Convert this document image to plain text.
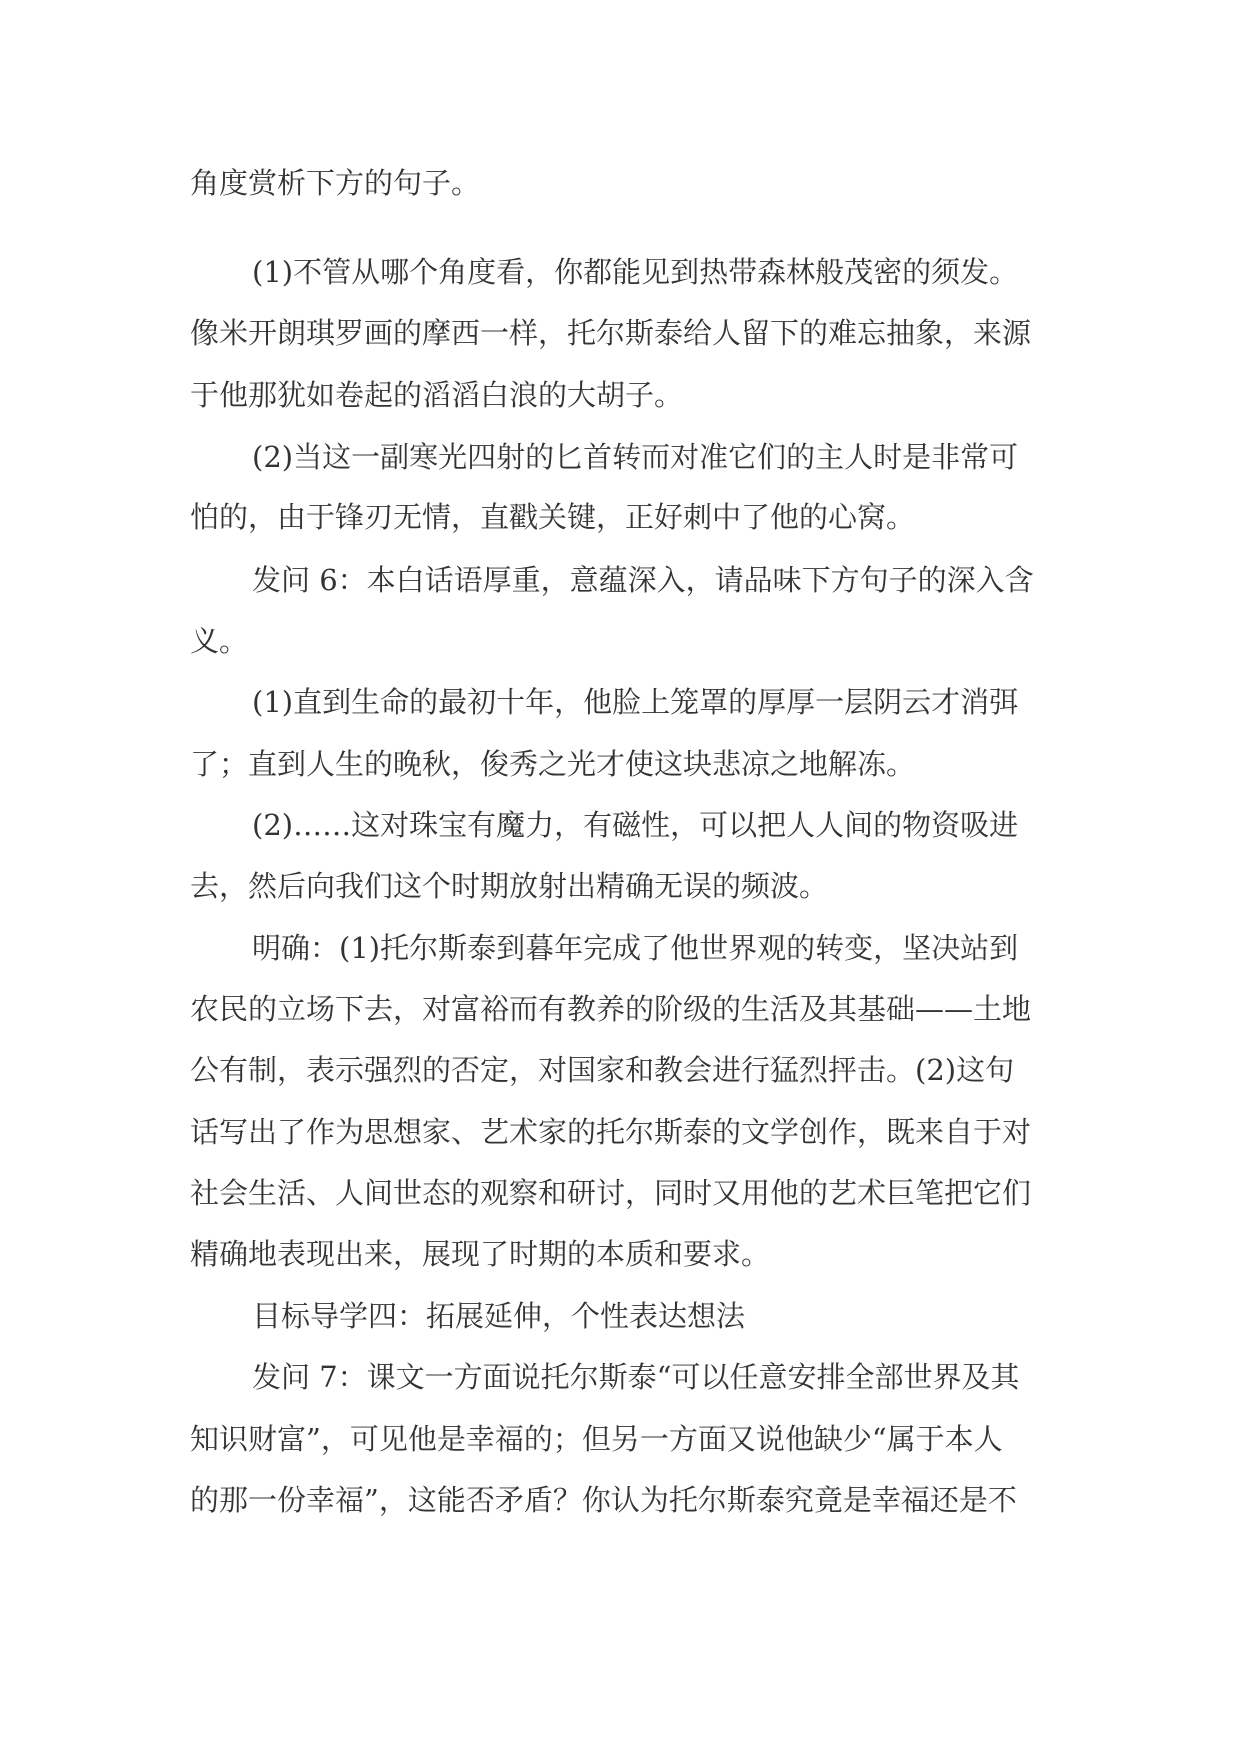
角度赏析下方的句子。
(1)不管从哪个角度看，你都能见到热带森林般茂密的须发。
像米开朗琪罗画的摩西一样，托尔斯泰给人留下的难忘抽象，来源
于他那犹如卷起的滔滔白浪的大胡子。
(2)当这一副寒光四射的匕首转而对准它们的主人时是非常可
怕的，由于锋刃无情，直戳关键，正好刺中了他的心窝。
发问 6：本白话语厚重，意蕴深入，请品味下方句子的深入含
义。
(1)直到生命的最初十年，他脸上笼罩的厚厚一层阴云才消弭
了；直到人生的晚秋，俊秀之光才使这块悲凉之地解冻。
(2)……这对珠宝有魔力，有磁性，可以把人人间的物资吸进
去，然后向我们这个时期放射出精确无误的频波。
明确：(1)托尔斯泰到暮年完成了他世界观的转变，坚决站到
农民的立场下去，对富裕而有教养的阶级的生活及其基础——土地
公有制，表示强烈的否定，对国家和教会进行猛烈抨击。(2)这句
话写出了作为思想家、艺术家的托尔斯泰的文学创作，既来自于对
社会生活、人间世态的观察和研讨，同时又用他的艺术巨笔把它们
精确地表现出来，展现了时期的本质和要求。
目标导学四：拓展延伸，个性表达想法
发问 7：课文一方面说托尔斯泰“可以任意安排全部世界及其
知识财富”，可见他是幸福的；但另一方面又说他缺少“属于本人
的那一份幸福”，这能否矛盾？你认为托尔斯泰究竟是幸福还是不
